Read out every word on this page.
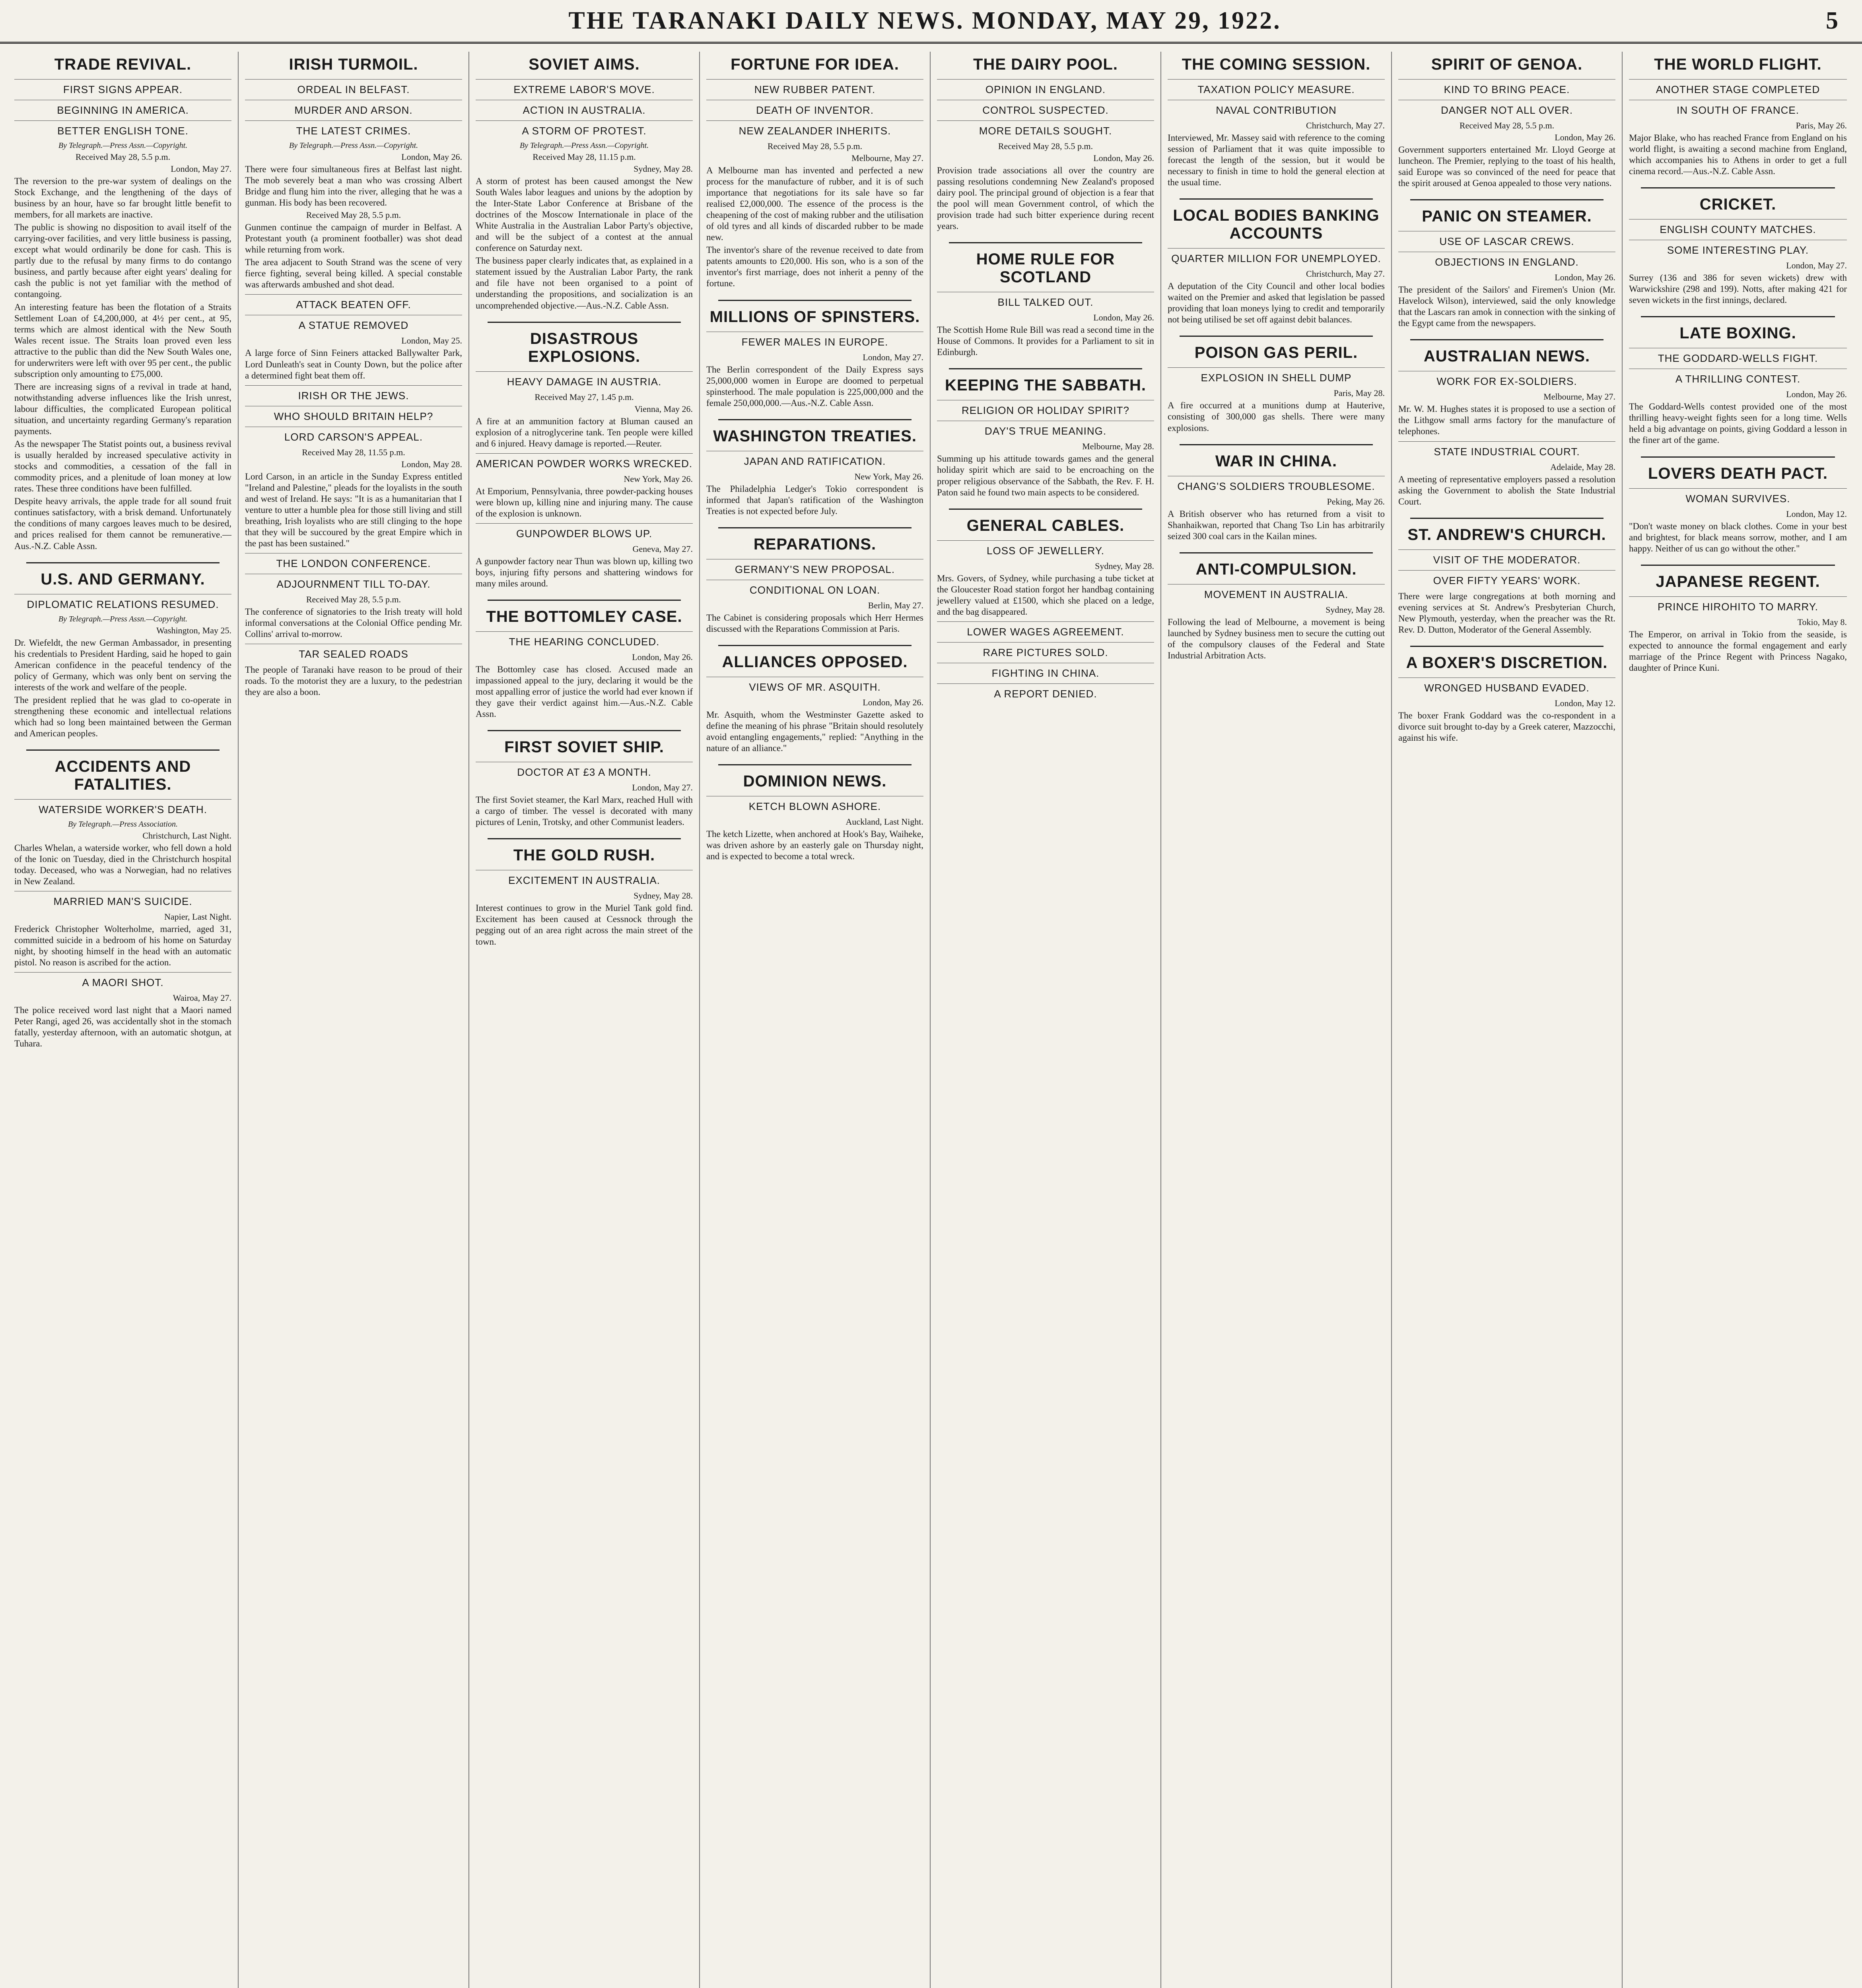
THE TARANAKI DAILY NEWS. MONDAY, MAY 29, 1922.	5
TRADE REVIVAL.
FIRST SIGNS APPEAR.
BEGINNING IN AMERICA.
BETTER ENGLISH TONE.
By Telegraph.—Press Assn.—Copyright.
Received May 28, 5.5 p.m.
London, May 27.

The reversion to the pre-war system of dealings on the Stock Exchange, and the lengthening of the days of business by an hour, have so far brought little benefit to members, for all markets are inactive.

The public is showing no disposition to avail itself of the carrying-over facilities, and very little business is passing, except what would ordinarily be done for cash. This is partly due to the refusal by many firms to do contango business, and partly because after eight years' dealing for cash the public is not yet familiar with the method of contangoing.

An interesting feature has been the flotation of a Straits Settlement Loan of £4,200,000, at 4½ per cent., at 95, terms which are almost identical with the New South Wales recent issue. The Straits loan proved even less attractive to the public than did the New South Wales one, for underwriters were left with over 95 per cent., the public subscription only amounting to £75,000.

There are increasing signs of a revival in trade at hand, notwithstanding adverse influences like the Irish unrest, labour difficulties, the complicated European political situation, and uncertainty regarding Germany's reparation payments.

As the newspaper The Statist points out, a business revival is usually heralded by increased speculative activity in stocks and commodities, a cessation of the fall in commodity prices, and a plenitude of loan money at low rates. These three conditions have been fulfilled.

Despite heavy arrivals, the apple trade for all sound fruit continues satisfactory, with a brisk demand. Unfortunately the conditions of many cargoes leaves much to be desired, and prices realised for them cannot be remunerative.—Aus.-N.Z. Cable Assn.

U.S. AND GERMANY.
DIPLOMATIC RELATIONS RESUMED.
By Telegraph.—Press Assn.—Copyright.
Washington, May 25.

Dr. Wiefeldt, the new German Ambassador, in presenting his credentials to President Harding, said he hoped to gain American confidence in the peaceful tendency of the policy of Germany, which was only bent on serving the interests of the work and welfare of the people.

The president replied that he was glad to co-operate in strengthening these economic and intellectual relations which had so long been maintained between the German and American peoples.

ACCIDENTS AND FATALITIES.
WATERSIDE WORKER'S DEATH.
By Telegraph.—Press Association.
Christchurch, Last Night.

Charles Whelan, a waterside worker, who fell down a hold of the Ionic on Tuesday, died in the Christchurch hospital today. Deceased, who was a Norwegian, had no relatives in New Zealand.

MARRIED MAN'S SUICIDE.
Napier, Last Night.

Frederick Christopher Wolterholme, married, aged 31, committed suicide in a bedroom of his home on Saturday night, by shooting himself in the head with an automatic pistol. No reason is ascribed for the action.

A MAORI SHOT.
Wairoa, May 27.

The police received word last night that a Maori named Peter Rangi, aged 26, was accidentally shot in the stomach fatally, yesterday afternoon, with an automatic shotgun, at Tuhara.

IRISH TURMOIL.
ORDEAL IN BELFAST.
MURDER AND ARSON.
THE LATEST CRIMES.
By Telegraph.—Press Assn.—Copyright.
London, May 26.

There were four simultaneous fires at Belfast last night. The mob severely beat a man who was crossing Albert Bridge and flung him into the river, alleging that he was a gunman. His body has been recovered.

Received May 28, 5.5 p.m.

Gunmen continue the campaign of murder in Belfast. A Protestant youth (a prominent footballer) was shot dead while returning from work.

The area adjacent to South Strand was the scene of very fierce fighting, several being killed. A special constable was afterwards ambushed and shot dead.

ATTACK BEATEN OFF.
A STATUE REMOVED
London, May 25.

A large force of Sinn Feiners attacked Ballywalter Park, Lord Dunleath's seat in County Down, but the police after a determined fight beat them off.

IRISH OR THE JEWS.
WHO SHOULD BRITAIN HELP?
LORD CARSON'S APPEAL.
Received May 28, 11.55 p.m.
London, May 28.

Lord Carson, in an article in the Sunday Express entitled "Ireland and Palestine," pleads for the loyalists in the south and west of Ireland. He says: "It is as a humanitarian that I venture to utter a humble plea for those still living and still breathing, Irish loyalists who are still clinging to the hope that they will be succoured by the great Empire which in the past has been sustained."

THE LONDON CONFERENCE.
ADJOURNMENT TILL TO-DAY.
Received May 28, 5.5 p.m.

The conference of signatories to the Irish treaty will hold informal conversations at the Colonial Office pending Mr. Collins' arrival to-morrow.

TAR SEALED ROADS

The people of Taranaki have reason to be proud of their roads. To the motorist they are a luxury, to the pedestrian they are also a boon.

SOVIET AIMS.
EXTREME LABOR'S MOVE.
ACTION IN AUSTRALIA.
A STORM OF PROTEST.
By Telegraph.—Press Assn.—Copyright.
Received May 28, 11.15 p.m.
Sydney, May 28.

A storm of protest has been caused amongst the New South Wales labor leagues and unions by the adoption by the Inter-State Labor Conference at Brisbane of the doctrines of the Moscow Internationale in place of the White Australia in the Australian Labor Party's objective, and will be the subject of a contest at the annual conference on Saturday next.

The business paper clearly indicates that, as explained in a statement issued by the Australian Labor Party, the rank and file have not been organised to a point of understanding the propositions, and socialization is an uncomprehended objective.—Aus.-N.Z. Cable Assn.

DISASTROUS EXPLOSIONS.
HEAVY DAMAGE IN AUSTRIA.
Received May 27, 1.45 p.m.
Vienna, May 26.

A fire at an ammunition factory at Bluman caused an explosion of a nitroglycerine tank. Ten people were killed and 6 injured. Heavy damage is reported.—Reuter.

AMERICAN POWDER WORKS WRECKED.
New York, May 26.

At Emporium, Pennsylvania, three powder-packing houses were blown up, killing nine and injuring many. The cause of the explosion is unknown.

GUNPOWDER BLOWS UP.
Geneva, May 27.

A gunpowder factory near Thun was blown up, killing two boys, injuring fifty persons and shattering windows for many miles around.

THE BOTTOMLEY CASE.
THE HEARING CONCLUDED.
London, May 26.

The Bottomley case has closed. Accused made an impassioned appeal to the jury, declaring it would be the most appalling error of justice the world had ever known if they gave their verdict against him.—Aus.-N.Z. Cable Assn.

FIRST SOVIET SHIP.
DOCTOR AT £3 A MONTH.
London, May 27.

The first Soviet steamer, the Karl Marx, reached Hull with a cargo of timber. The vessel is decorated with many pictures of Lenin, Trotsky, and other Communist leaders.

THE GOLD RUSH.
EXCITEMENT IN AUSTRALIA.
Sydney, May 28.

Interest continues to grow in the Muriel Tank gold find. Excitement has been caused at Cessnock through the pegging out of an area right across the main street of the town.

FORTUNE FOR IDEA.
NEW RUBBER PATENT.
DEATH OF INVENTOR.
NEW ZEALANDER INHERITS.
Received May 28, 5.5 p.m.
Melbourne, May 27.

A Melbourne man has invented and perfected a new process for the manufacture of rubber, and it is of such importance that negotiations for its sale have so far realised £2,000,000. The essence of the process is the cheapening of the cost of making rubber and the utilisation of old tyres and all kinds of discarded rubber to be made new.

The inventor's share of the revenue received to date from patents amounts to £20,000. His son, who is a son of the inventor's first marriage, does not inherit a penny of the fortune.

MILLIONS OF SPINSTERS.
FEWER MALES IN EUROPE.
London, May 27.

The Berlin correspondent of the Daily Express says 25,000,000 women in Europe are doomed to perpetual spinsterhood. The male population is 225,000,000 and the female 250,000,000.—Aus.-N.Z. Cable Assn.

WASHINGTON TREATIES.
JAPAN AND RATIFICATION.
New York, May 26.

The Philadelphia Ledger's Tokio correspondent is informed that Japan's ratification of the Washington Treaties is not expected before July.

REPARATIONS.
GERMANY'S NEW PROPOSAL.
CONDITIONAL ON LOAN.
Berlin, May 27.

The Cabinet is considering proposals which Herr Hermes discussed with the Reparations Commission at Paris.

ALLIANCES OPPOSED.
VIEWS OF MR. ASQUITH.
London, May 26.

Mr. Asquith, whom the Westminster Gazette asked to define the meaning of his phrase "Britain should resolutely avoid entangling engagements," replied: "Anything in the nature of an alliance."

DOMINION NEWS.
KETCH BLOWN ASHORE.
Auckland, Last Night.

The ketch Lizette, when anchored at Hook's Bay, Waiheke, was driven ashore by an easterly gale on Thursday night, and is expected to become a total wreck.

THE DAIRY POOL.
OPINION IN ENGLAND.
CONTROL SUSPECTED.
MORE DETAILS SOUGHT.
Received May 28, 5.5 p.m.
London, May 26.

Provision trade associations all over the country are passing resolutions condemning New Zealand's proposed dairy pool. The principal ground of objection is a fear that the pool will mean Government control, of which the provision trade had such bitter experience during recent years.

HOME RULE FOR SCOTLAND
BILL TALKED OUT.
London, May 26.

The Scottish Home Rule Bill was read a second time in the House of Commons. It provides for a Parliament to sit in Edinburgh.

KEEPING THE SABBATH.
RELIGION OR HOLIDAY SPIRIT?
DAY'S TRUE MEANING.
Melbourne, May 28.

Summing up his attitude towards games and the general holiday spirit which are said to be encroaching on the proper religious observance of the Sabbath, the Rev. F. H. Paton said he found two main aspects to be considered.

GENERAL CABLES.
LOSS OF JEWELLERY.
Sydney, May 28.

Mrs. Govers, of Sydney, while purchasing a tube ticket at the Gloucester Road station forgot her handbag containing jewellery valued at £1500, which she placed on a ledge, and the bag disappeared.

LOWER WAGES AGREEMENT.
RARE PICTURES SOLD.
FIGHTING IN CHINA.
A REPORT DENIED.
THE COMING SESSION.
TAXATION POLICY MEASURE.
NAVAL CONTRIBUTION
Christchurch, May 27.

Interviewed, Mr. Massey said with reference to the coming session of Parliament that it was quite impossible to forecast the length of the session, but it would be necessary to finish in time to hold the general election at the usual time.

LOCAL BODIES BANKING ACCOUNTS
QUARTER MILLION FOR UNEMPLOYED.
Christchurch, May 27.

A deputation of the City Council and other local bodies waited on the Premier and asked that legislation be passed providing that loan moneys lying to credit and temporarily not being utilised be set off against debit balances.

POISON GAS PERIL.
EXPLOSION IN SHELL DUMP
Paris, May 28.

A fire occurred at a munitions dump at Hauterive, consisting of 300,000 gas shells. There were many explosions.

WAR IN CHINA.
CHANG'S SOLDIERS TROUBLESOME.
Peking, May 26.

A British observer who has returned from a visit to Shanhaikwan, reported that Chang Tso Lin has arbitrarily seized 300 coal cars in the Kailan mines.

ANTI-COMPULSION.
MOVEMENT IN AUSTRALIA.
Sydney, May 28.

Following the lead of Melbourne, a movement is being launched by Sydney business men to secure the cutting out of the compulsory clauses of the Federal and State Industrial Arbitration Acts.

SPIRIT OF GENOA.
KIND TO BRING PEACE.
DANGER NOT ALL OVER.
Received May 28, 5.5 p.m.
London, May 26.

Government supporters entertained Mr. Lloyd George at luncheon. The Premier, replying to the toast of his health, said Europe was so convinced of the need for peace that the spirit aroused at Genoa appealed to those very nations.

PANIC ON STEAMER.
USE OF LASCAR CREWS.
OBJECTIONS IN ENGLAND.
London, May 26.

The president of the Sailors' and Firemen's Union (Mr. Havelock Wilson), interviewed, said the only knowledge that the Lascars ran amok in connection with the sinking of the Egypt came from the newspapers.

AUSTRALIAN NEWS.
WORK FOR EX-SOLDIERS.
Melbourne, May 27.

Mr. W. M. Hughes states it is proposed to use a section of the Lithgow small arms factory for the manufacture of telephones.

STATE INDUSTRIAL COURT.
Adelaide, May 28.

A meeting of representative employers passed a resolution asking the Government to abolish the State Industrial Court.

ST. ANDREW'S CHURCH.
VISIT OF THE MODERATOR.
OVER FIFTY YEARS' WORK.

There were large congregations at both morning and evening services at St. Andrew's Presbyterian Church, New Plymouth, yesterday, when the preacher was the Rt. Rev. D. Dutton, Moderator of the General Assembly.

A BOXER'S DISCRETION.
WRONGED HUSBAND EVADED.
London, May 12.

The boxer Frank Goddard was the co-respondent in a divorce suit brought to-day by a Greek caterer, Mazzocchi, against his wife.

THE WORLD FLIGHT.
ANOTHER STAGE COMPLETED
IN SOUTH OF FRANCE.
Paris, May 26.

Major Blake, who has reached France from England on his world flight, is awaiting a second machine from England, which accompanies his to Athens in order to get a full cinema record.—Aus.-N.Z. Cable Assn.

CRICKET.
ENGLISH COUNTY MATCHES.
SOME INTERESTING PLAY.
London, May 27.

Surrey (136 and 386 for seven wickets) drew with Warwickshire (298 and 199). Notts, after making 421 for seven wickets in the first innings, declared.

LATE BOXING.
THE GODDARD-WELLS FIGHT.
A THRILLING CONTEST.
London, May 26.

The Goddard-Wells contest provided one of the most thrilling heavy-weight fights seen for a long time. Wells held a big advantage on points, giving Goddard a lesson in the finer art of the game.

LOVERS DEATH PACT.
WOMAN SURVIVES.
London, May 12.

"Don't waste money on black clothes. Come in your best and brightest, for black means sorrow, mother, and I am happy. Neither of us can go without the other."

JAPANESE REGENT.
PRINCE HIROHITO TO MARRY.
Tokio, May 8.

The Emperor, on arrival in Tokio from the seaside, is expected to announce the formal engagement and early marriage of the Prince Regent with Princess Nagako, daughter of Prince Kuni.
